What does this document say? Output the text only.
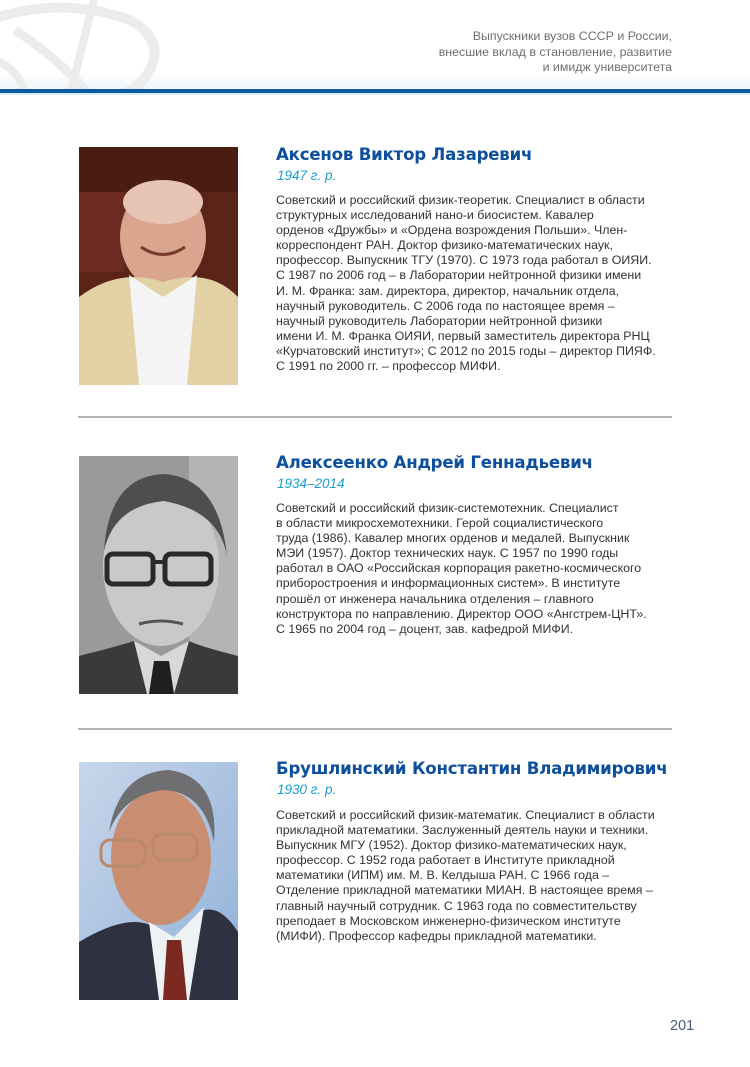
Выпускники вузов СССР и России,
внесшие вклад в становление, развитие
и имидж университета
Аксенов Виктор Лазаревич
1947 г. р.
Советский и российский физик-теоретик. Специалист в области
структурных исследований нано-и биосистем. Кавалер
орденов «Дружбы» и «Ордена возрождения Польши». Член-
корреспондент РАН. Доктор физико-математических наук,
профессор. Выпускник ТГУ (1970). С 1973 года работал в ОИЯИ.
С 1987 по 2006 год – в Лаборатории нейтронной физики имени
И. М. Франка: зам. директора, директор, начальник отдела,
научный руководитель. С 2006 года по настоящее время –
научный руководитель Лаборатории нейтронной физики
имени И. М. Франка ОИЯИ, первый заместитель директора РНЦ
«Курчатовский институт»; С 2012 по 2015 годы – директор ПИЯФ.
С 1991 по 2000 гг. – профессор МИФИ.
Алексеенко Андрей Геннадьевич
1934–2014
Советский и российский физик-системотехник. Специалист
в области микросхемотехники. Герой социалистического
труда (1986). Кавалер многих орденов и медалей. Выпускник
МЭИ (1957). Доктор технических наук. С 1957 по 1990 годы
работал в ОАО «Российская корпорация ракетно-космического
приборостроения и информационных систем». В институте
прошёл от инженера начальника отделения – главного
конструктора по направлению. Директор ООО «Ангстрем-ЦНТ».
С 1965 по 2004 год – доцент, зав. кафедрой МИФИ.
Брушлинский Константин Владимирович
1930 г. р.
Советский и российский физик-математик. Специалист в области
прикладной математики. Заслуженный деятель науки и техники.
Выпускник МГУ (1952). Доктор физико-математических наук,
профессор. С 1952 года работает в Институте прикладной
математики (ИПМ) им. М. В. Келдыша РАН. С 1966 года –
Отделение прикладной математики МИАН. В настоящее время –
главный научный сотрудник. С 1963 года по совместительству
преподает в Московском инженерно-физическом институте
(МИФИ). Профессор кафедры прикладной математики.
201
